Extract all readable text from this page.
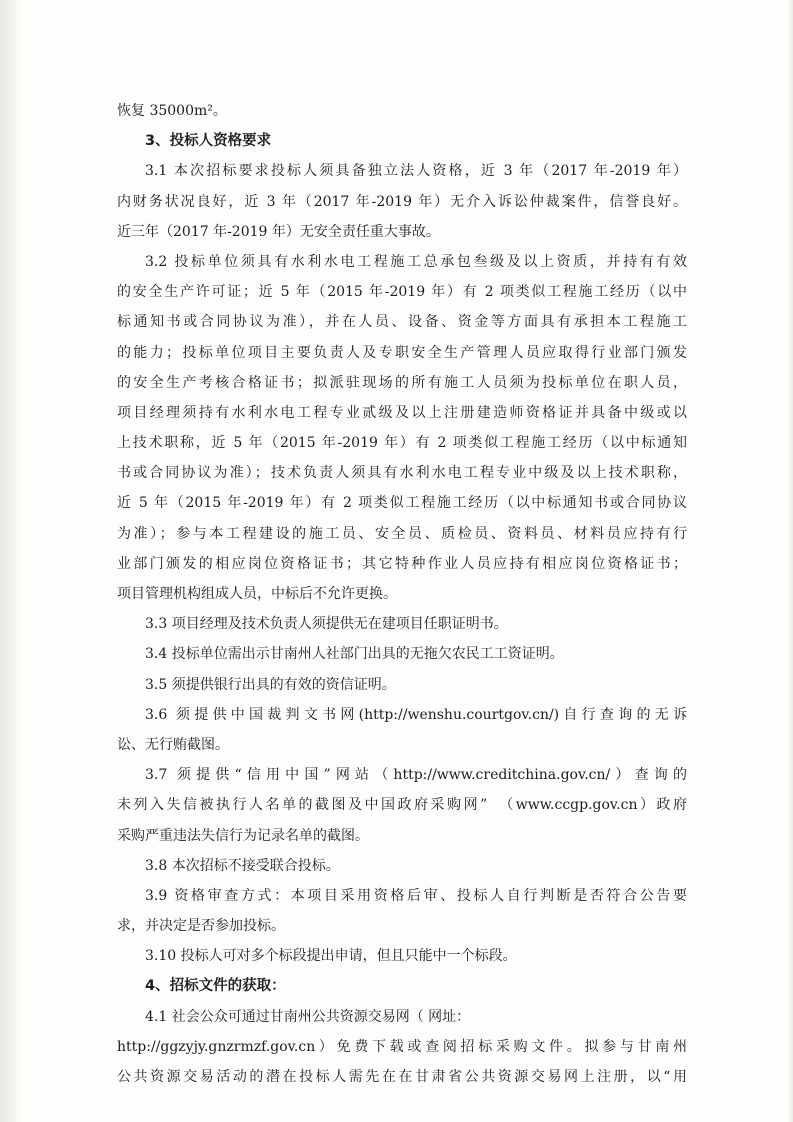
恢复 35000m²。
3、投标人资格要求
3.1 本次招标要求投标人须具备独立法人资格，近 3 年（2017 年-2019 年）
内财务状况良好，近 3 年（2017 年-2019 年）无介入诉讼仲裁案件，信誉良好。
近三年（2017 年-2019 年）无安全责任重大事故。
3.2 投标单位须具有水利水电工程施工总承包叁级及以上资质，并持有有效
的安全生产许可证；近 5 年（2015 年-2019 年）有 2 项类似工程施工经历（以中
标通知书或合同协议为准），并在人员、设备、资金等方面具有承担本工程施工
的能力；投标单位项目主要负责人及专职安全生产管理人员应取得行业部门颁发
的安全生产考核合格证书；拟派驻现场的所有施工人员须为投标单位在职人员，
项目经理须持有水利水电工程专业贰级及以上注册建造师资格证并具备中级或以
上技术职称，近 5 年（2015 年-2019 年）有 2 项类似工程施工经历（以中标通知
书或合同协议为准）；技术负责人须具有水利水电工程专业中级及以上技术职称，
近 5 年（2015 年-2019 年）有 2 项类似工程施工经历（以中标通知书或合同协议
为准）；参与本工程建设的施工员、安全员、质检员、资料员、材料员应持有行
业部门颁发的相应岗位资格证书；其它特种作业人员应持有相应岗位资格证书；
项目管理机构组成人员，中标后不允许更换。
3.3 项目经理及技术负责人须提供无在建项目任职证明书。
3.4 投标单位需出示甘南州人社部门出具的无拖欠农民工工资证明。
3.5 须提供银行出具的有效的资信证明。
3.6 须提供中国裁判文书网(http://wenshu.courtgov.cn/)自行查询的无诉
讼、无行贿截图。
3.7 须提供“信用中国”网站（http://www.creditchina.gov.cn/）查询的
未列入失信被执行人名单的截图及中国政府采购网”　（www.ccgp.gov.cn）政府
采购严重违法失信行为记录名单的截图。
3.8 本次招标不接受联合投标。
3.9 资格审查方式：本项目采用资格后审、投标人自行判断是否符合公告要
求，并决定是否参加投标。
3.10 投标人可对多个标段提出申请，但且只能中一个标段。
4、招标文件的获取：
4.1 社会公众可通过甘南州公共资源交易网（ 网址：
http://ggzyjy.gnzrmzf.gov.cn）免费下载或查阅招标采购文件。拟参与甘南州
公共资源交易活动的潜在投标人需先在在甘肃省公共资源交易网上注册，以“用
